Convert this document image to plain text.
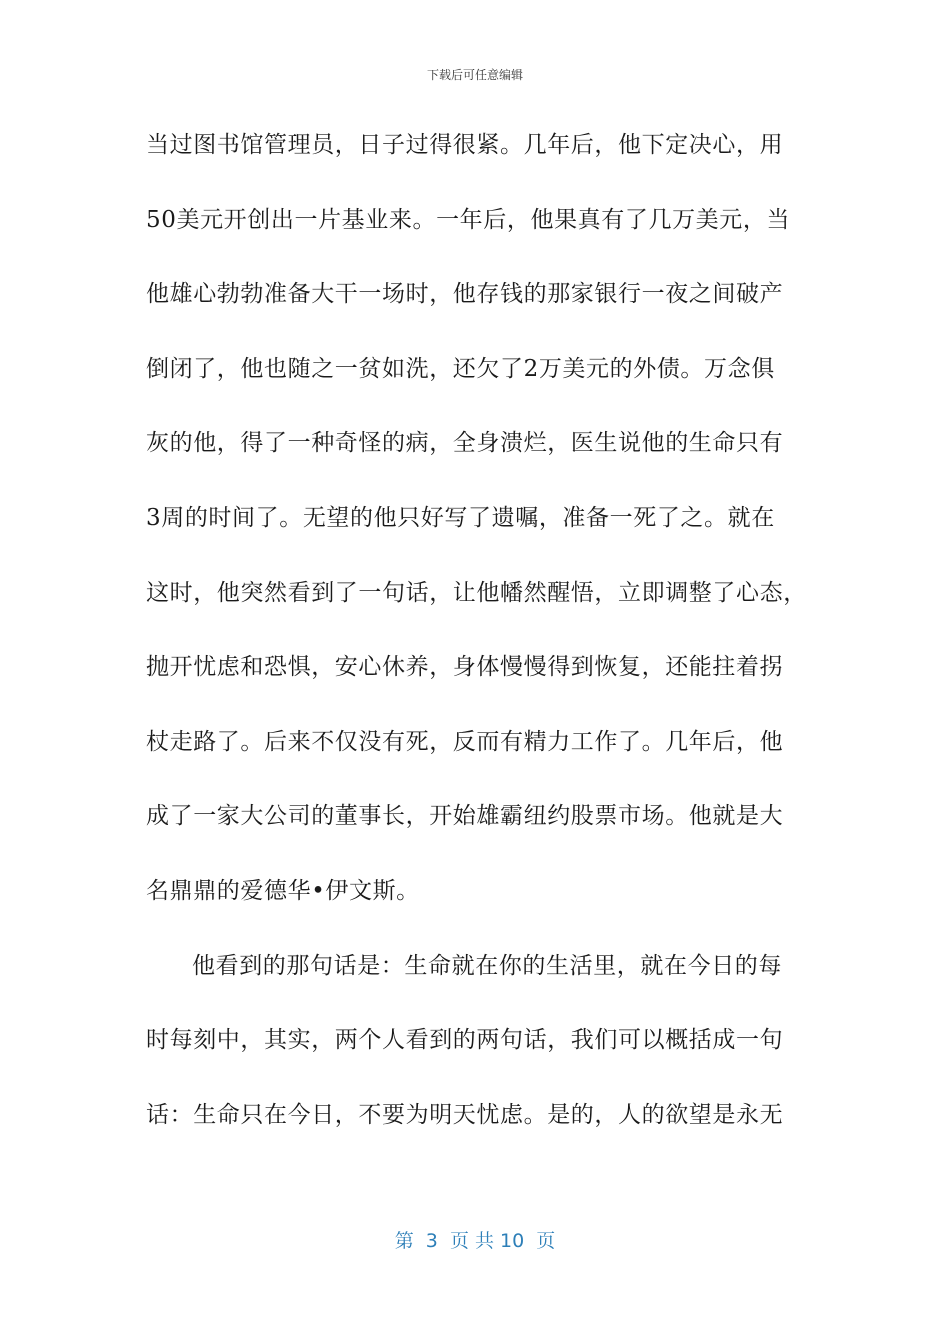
下载后可任意编辑
当过图书馆管理员，日子过得很紧。几年后，他下定决心，用
50美元开创出一片基业来。一年后，他果真有了几万美元，当
他雄心勃勃准备大干一场时，他存钱的那家银行一夜之间破产
倒闭了，他也随之一贫如洗，还欠了2万美元的外债。万念俱
灰的他，得了一种奇怪的病，全身溃烂，医生说他的生命只有
3周的时间了。无望的他只好写了遗嘱，准备一死了之。就在
这时，他突然看到了一句话，让他幡然醒悟，立即调整了心态，
抛开忧虑和恐惧，安心休养，身体慢慢得到恢复，还能拄着拐
杖走路了。后来不仅没有死，反而有精力工作了。几年后，他
成了一家大公司的董事长，开始雄霸纽约股票市场。他就是大
名鼎鼎的爱德华•伊文斯。
他看到的那句话是：生命就在你的生活里，就在今日的每
时每刻中，其实，两个人看到的两句话，我们可以概括成一句
话：生命只在今日，不要为明天忧虑。是的，人的欲望是永无
第  3  页 共 10  页
